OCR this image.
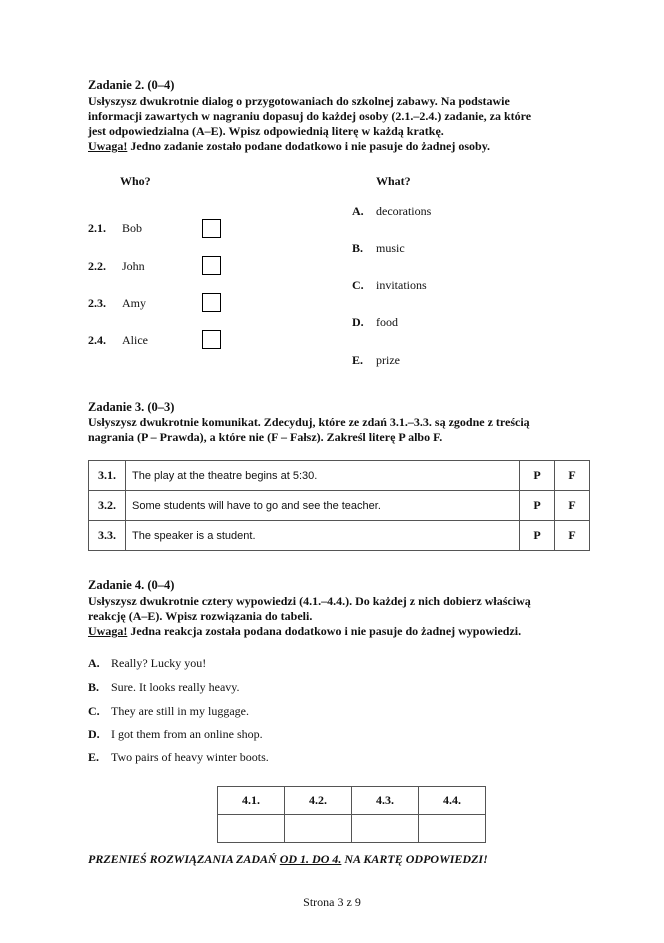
Zadanie 2. (0–4)
Usłyszysz dwukrotnie dialog o przygotowaniach do szkolnej zabawy. Na podstawie
informacji zawartych w nagraniu dopasuj do każdej osoby (2.1.–2.4.) zadanie, za które
jest odpowiedzialna (A–E). Wpisz odpowiednią literę w każdą kratkę.
Uwaga! Jedno zadanie zostało podane dodatkowo i nie pasuje do żadnej osoby.
Who?	What?
2.1. Bob
2.2. John
2.3. Amy
2.4. Alice
A. decorations
B. music
C. invitations
D. food
E. prize
Zadanie 3. (0–3)
Usłyszysz dwukrotnie komunikat. Zdecyduj, które ze zdań 3.1.–3.3. są zgodne z treścią
nagrania (P – Prawda), a które nie (F – Fałsz). Zakreśl literę P albo F.
3.1.	The play at the theatre begins at 5:30.	P	F
3.2.	Some students will have to go and see the teacher.	P	F
3.3.	The speaker is a student.	P	F
Zadanie 4. (0–4)
Usłyszysz dwukrotnie cztery wypowiedzi (4.1.–4.4.). Do każdej z nich dobierz właściwą
reakcję (A–E). Wpisz rozwiązania do tabeli.
Uwaga! Jedna reakcja została podana dodatkowo i nie pasuje do żadnej wypowiedzi.
A. Really? Lucky you!
B. Sure. It looks really heavy.
C. They are still in my luggage.
D. I got them from an online shop.
E. Two pairs of heavy winter boots.
4.1.	4.2.	4.3.	4.4.

PRZENIEŚ ROZWIĄZANIA ZADAŃ OD 1. DO 4. NA KARTĘ ODPOWIEDZI!
Strona 3 z 9
